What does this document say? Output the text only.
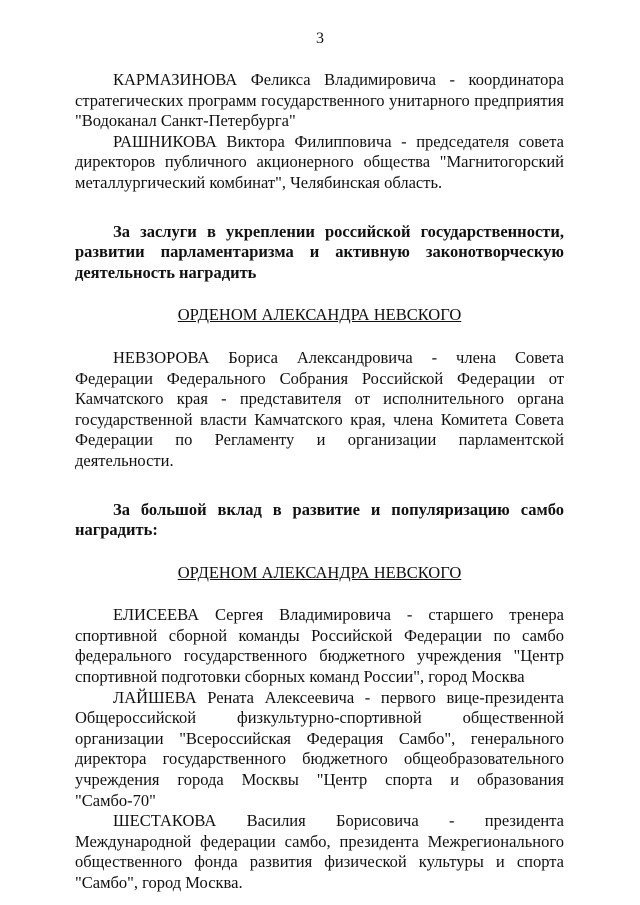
3

КАРМАЗИНОВА Феликса Владимировича - координатора стратегических программ государственного унитарного предприятия "Водоканал Санкт-Петербурга"

РАШНИКОВА Виктора Филипповича - председателя совета директоров публичного акционерного общества "Магнитогорский металлургический комбинат", Челябинская область.

За заслуги в укреплении российской государственности, развитии парламентаризма и активную законотворческую деятельность наградить

ОРДЕНОМ АЛЕКСАНДРА НЕВСКОГО

НЕВЗОРОВА Бориса Александровича - члена Совета Федерации Федерального Собрания Российской Федерации от Камчатского края - представителя от исполнительного органа государственной власти Камчатского края, члена Комитета Совета Федерации по Регламенту и организации парламентской деятельности.

За большой вклад в развитие и популяризацию самбо наградить:

ОРДЕНОМ АЛЕКСАНДРА НЕВСКОГО

ЕЛИСЕЕВА Сергея Владимировича - старшего тренера спортивной сборной команды Российской Федерации по самбо федерального государственного бюджетного учреждения "Центр спортивной подготовки сборных команд России", город Москва

ЛАЙШЕВА Рената Алексеевича - первого вице-президента Общероссийской физкультурно-спортивной общественной организации "Всероссийская Федерация Самбо", генерального директора государственного бюджетного общеобразовательного учреждения города Москвы "Центр спорта и образования "Самбо-70"

ШЕСТАКОВА Василия Борисовича - президента Международной федерации самбо, президента Межрегионального общественного фонда развития физической культуры и спорта "Самбо", город Москва.
